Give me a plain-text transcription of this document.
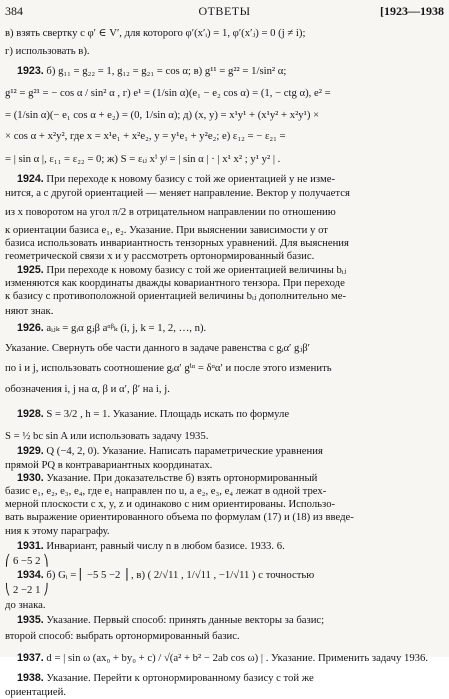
384	ОТВЕТЫ	[1923—1938
в) взять свертку с φ′ ∈ V′, для которого φ′(x′ᵢ) = 1, φ′(x′ⱼ) = 0 (j ≠ i);
г) использовать в).
1923. б) g₁₁ = g₂₂ = 1, g₁₂ = g₂₁ = cos α; в) g¹¹ = g²² = 1/sin² α;
g¹² = g²¹ = − cos α / sin² α , г) e¹ = (1/sin α)(e₁ − e₂ cos α) = (1, − ctg α), e² =
= (1/sin α)(− e₁ cos α + e₂) = (0, 1/sin α); д) (x, y) = x¹y¹ + (x¹y² + x²y¹) ×
× cos α + x²y², где x = x¹e₁ + x²e₂, y = y¹e₁ + y²e₂; е) ε₁₂ = − ε₂₁ =
= | sin α |, ε₁₁ = ε₂₂ = 0; ж) S = εᵢⱼ xⁱ yʲ = | sin α | · | x¹ x² ; y¹ y² | .
1924. При переходе к новому базису с той же ориентацией y не изме-
нится, а с другой ориентацией — меняет направление. Вектор y получается
из x поворотом на угол π/2 в отрицательном направлении по отношению
к ориентации базиса e₁, e₂. Указание. При выяснении зависимости y от
базиса использовать инвариантность тензорных уравнений. Для выяснения
геометрической связи x и y рассмотреть ортонормированный базис.
1925. При переходе к новому базису с той же ориентацией величины bᵢⱼ
изменяются как координаты дважды ковариантного тензора. При переходе
к базису с противоположной ориентацией величины bᵢⱼ дополнительно ме-
няют знак.
1926. aᵢⱼₖ = gᵢα gⱼβ aᵅᵝₖ (i, j, k = 1, 2, …, n).
Указание. Свернуть обе части данного в задаче равенства с gᵢα′ gⱼβ′
по i и j, использовать соотношение gᵢα′ gⁱᵅ = δᵅα′ и после этого изменить
обозначения i, j на α, β и α′, β′ на i, j.
1928. S = 3/2 , h = 1. Указание. Площадь искать по формуле
S = ½ bc sin A или использовать задачу 1935.
1929. Q (−4, 2, 0). Указание. Написать параметрические уравнения
прямой PQ в контравариантных координатах.
1930. Указание. При доказательстве б) взять ортонормированный
базис e₁, e₂, e₃, e₄, где e₁ направлен по u, а e₂, e₃, e₄ лежат в одной трех-
мерной плоскости с x, y, z и одинаково с ним ориентированы. Использо-
вать выражение ориентированного объема по формулам (17) и (18) из введе-
ния к этому параграфу.
1931. Инвариант, равный числу n в любом базисе. 1933. 6.
⎛ 6 −5 2 ⎞
1934. б) Gᵢ = ⎜ −5 5 −2 ⎟ , в) ( 2/√11 , 1/√11 , −1/√11 ) с точностью
⎝ 2 −2 1 ⎠
до знака.
1935. Указание. Первый способ: принять данные векторы за базис;
второй способ: выбрать ортонормированный базис.
1937. d = | sin ω (ax₀ + by₀ + c) / √(a² + b² − 2ab cos ω) | . Указание. Применить задачу 1936.
1938. Указание. Перейти к ортонормированному базису с той же
ориентацией.
